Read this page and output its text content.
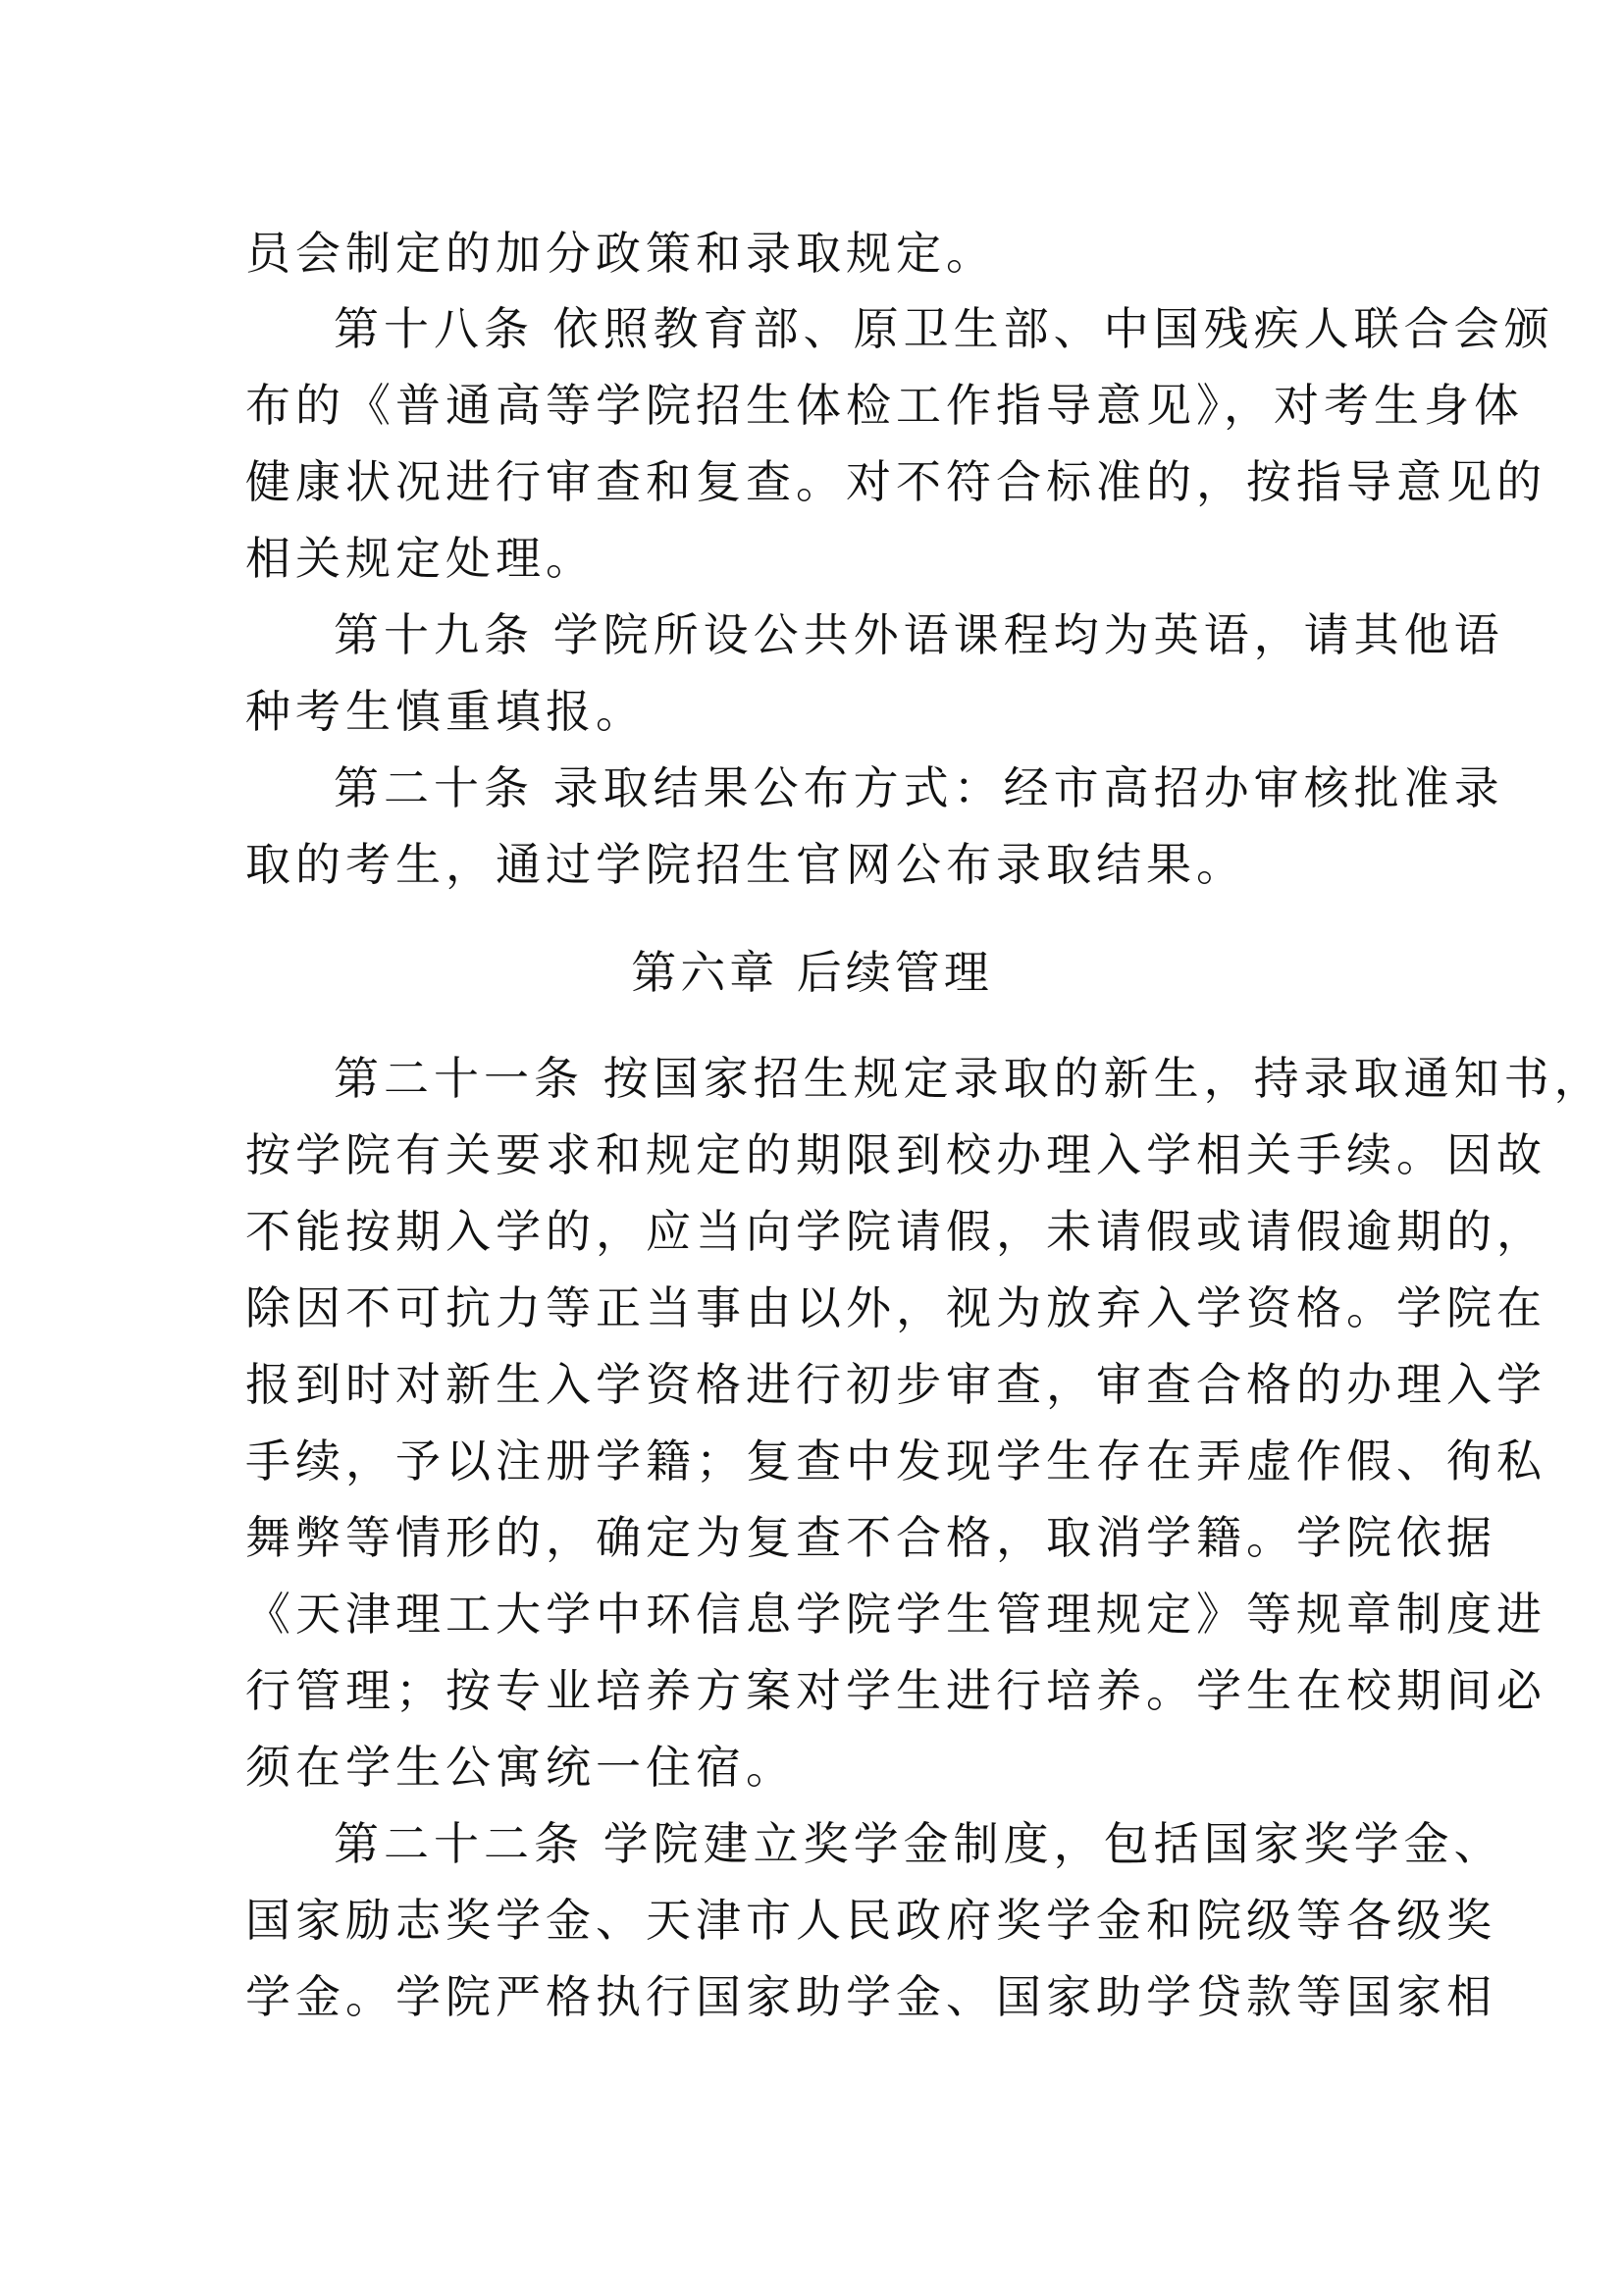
员会制定的加分政策和录取规定。

第十八条 依照教育部、原卫生部、中国残疾人联合会颁

布的《普通高等学院招生体检工作指导意见》，对考生身体

健康状况进行审查和复查。对不符合标准的，按指导意见的

相关规定处理。

第十九条 学院所设公共外语课程均为英语，请其他语

种考生慎重填报。

第二十条 录取结果公布方式：经市高招办审核批准录

取的考生，通过学院招生官网公布录取结果。

第六章 后续管理

第二十一条 按国家招生规定录取的新生，持录取通知书，

按学院有关要求和规定的期限到校办理入学相关手续。因故

不能按期入学的，应当向学院请假，未请假或请假逾期的，

除因不可抗力等正当事由以外，视为放弃入学资格。学院在

报到时对新生入学资格进行初步审查，审查合格的办理入学

手续，予以注册学籍；复查中发现学生存在弄虚作假、徇私

舞弊等情形的，确定为复查不合格，取消学籍。学院依据

《天津理工大学中环信息学院学生管理规定》等规章制度进

行管理；按专业培养方案对学生进行培养。学生在校期间必

须在学生公寓统一住宿。

第二十二条 学院建立奖学金制度，包括国家奖学金、

国家励志奖学金、天津市人民政府奖学金和院级等各级奖

学金。学院严格执行国家助学金、国家助学贷款等国家相
